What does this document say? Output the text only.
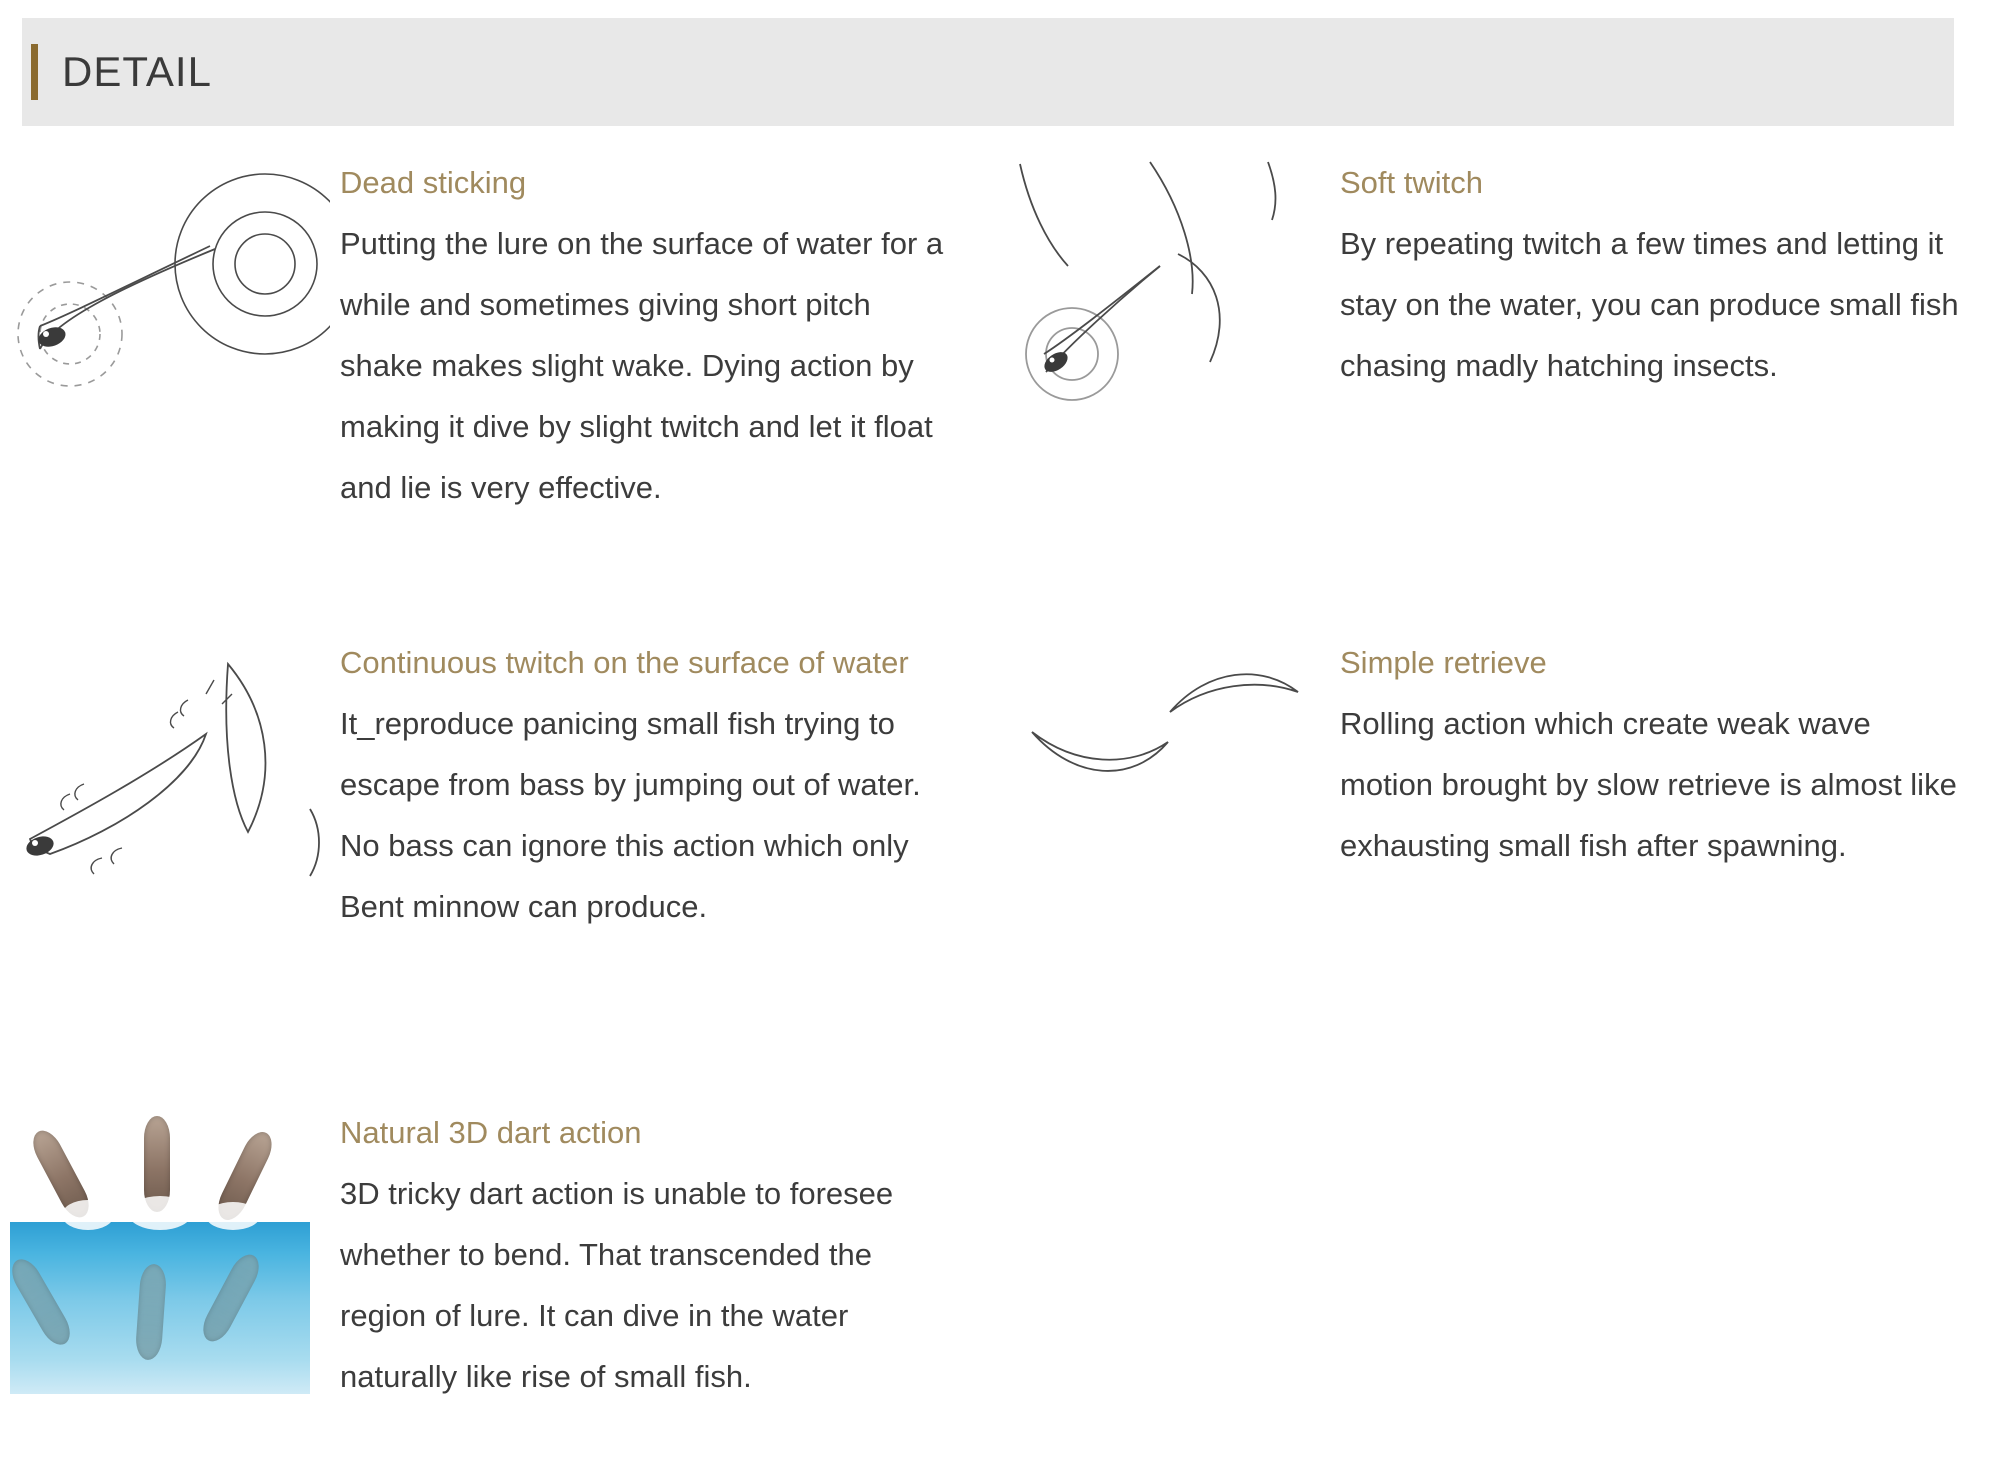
DETAIL

Dead sticking

Putting the lure on the surface of water for a while and sometimes giving short pitch shake makes slight wake. Dying action by making it dive by slight twitch and let it float and lie is very effective.

Soft twitch

By repeating twitch a few times and letting it stay on the water, you can produce small fish chasing madly hatching insects.

Continuous twitch on the surface of water

It_reproduce panicing small fish trying to escape from bass by jumping out of water. No bass can ignore this action which only Bent minnow can produce.

Simple retrieve

Rolling action which create weak wave motion brought by slow retrieve is almost like exhausting small fish after spawning.

Natural 3D dart action

3D tricky dart action is unable to foresee whether to bend. That transcended the region of lure. It can dive in the water naturally like rise of small fish.
